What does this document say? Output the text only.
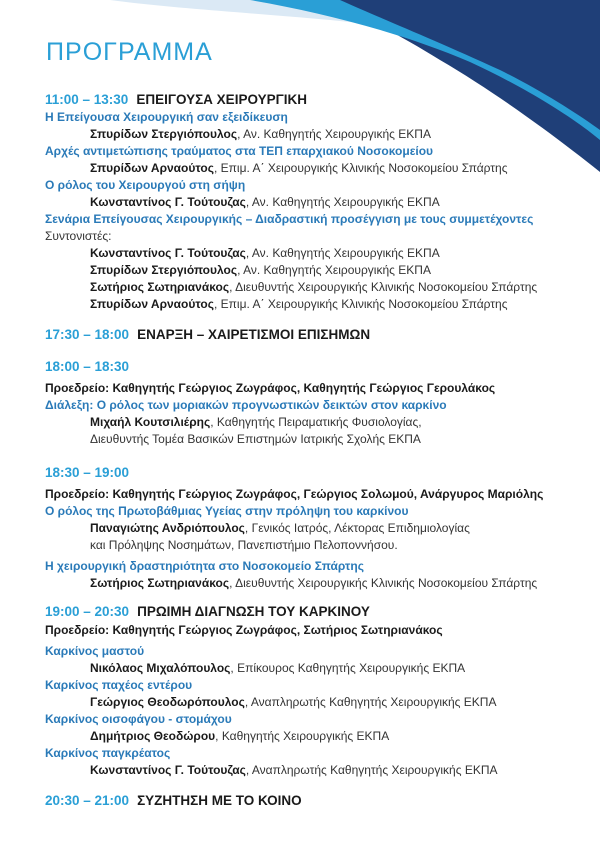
ΠΡΟΓΡΑΜΜΑ
11:00 – 13:30 ΕΠΕΙΓΟΥΣΑ ΧΕΙΡΟΥΡΓΙΚΗ
Η Επείγουσα Χειρουργική σαν εξειδίκευση
Σπυρίδων Στεργιόπουλος, Αν. Καθηγητής Χειρουργικής ΕΚΠΑ
Αρχές αντιμετώπισης τραύματος στα ΤΕΠ επαρχιακού Νοσοκομείου
Σπυρίδων Αρναούτος, Επιμ. Α΄ Χειρουργικής Κλινικής Νοσοκομείου Σπάρτης
Ο ρόλος του Χειρουργού στη σήψη
Κωνσταντίνος Γ. Τούτουζας, Αν. Καθηγητής Χειρουργικής ΕΚΠΑ
Σενάρια Επείγουσας Χειρουργικής – Διαδραστική προσέγγιση με τους συμμετέχοντες
Συντονιστές:
Κωνσταντίνος Γ. Τούτουζας, Αν. Καθηγητής Χειρουργικής ΕΚΠΑ
Σπυρίδων Στεργιόπουλος, Αν. Καθηγητής Χειρουργικής ΕΚΠΑ
Σωτήριος Σωτηριανάκος, Διευθυντής Χειρουργικής Κλινικής Νοσοκομείου Σπάρτης
Σπυρίδων Αρναούτος, Επιμ. Α΄ Χειρουργικής Κλινικής Νοσοκομείου Σπάρτης
17:30 – 18:00 ΕΝΑΡΞΗ – ΧΑΙΡΕΤΙΣΜΟΙ ΕΠΙΣΗΜΩΝ
18:00 – 18:30
Προεδρείο: Καθηγητής Γεώργιος Ζωγράφος, Καθηγητής Γεώργιος Γερουλάκος
Διάλεξη: Ο ρόλος των μοριακών προγνωστικών δεικτών στον καρκίνο
Μιχαήλ Κουτσιλιέρης, Καθηγητής Πειραματικής Φυσιολογίας,
Διευθυντής Τομέα Βασικών Επιστημών Ιατρικής Σχολής ΕΚΠΑ
18:30 – 19:00
Προεδρείο: Καθηγητής Γεώργιος Ζωγράφος, Γεώργιος Σολωμού, Ανάργυρος Μαριόλης
Ο ρόλος της Πρωτοβάθμιας Υγείας στην πρόληψη του καρκίνου
Παναγιώτης Ανδριόπουλος, Γενικός Ιατρός, Λέκτορας Επιδημιολογίας
και Πρόληψης Νοσημάτων, Πανεπιστήμιο Πελοποννήσου.
Η χειρουργική δραστηριότητα στο Νοσοκομείο Σπάρτης
Σωτήριος Σωτηριανάκος, Διευθυντής Χειρουργικής Κλινικής Νοσοκομείου Σπάρτης
19:00 – 20:30 ΠΡΩΙΜΗ ΔΙΑΓΝΩΣΗ ΤΟΥ ΚΑΡΚΙΝΟΥ
Προεδρείο: Καθηγητής Γεώργιος Ζωγράφος, Σωτήριος Σωτηριανάκος
Καρκίνος μαστού
Νικόλαος Μιχαλόπουλος, Επίκουρος Καθηγητής Χειρουργικής ΕΚΠΑ
Καρκίνος παχέος εντέρου
Γεώργιος Θεοδωρόπουλος, Αναπληρωτής Καθηγητής Χειρουργικής ΕΚΠΑ
Καρκίνος οισοφάγου - στομάχου
Δημήτριος Θεοδώρου, Καθηγητής Χειρουργικής ΕΚΠΑ
Καρκίνος παγκρέατος
Κωνσταντίνος Γ. Τούτουζας, Αναπληρωτής Καθηγητής Χειρουργικής ΕΚΠΑ
20:30 – 21:00 ΣΥΖΗΤΗΣΗ ΜΕ ΤΟ ΚΟΙΝΟ
